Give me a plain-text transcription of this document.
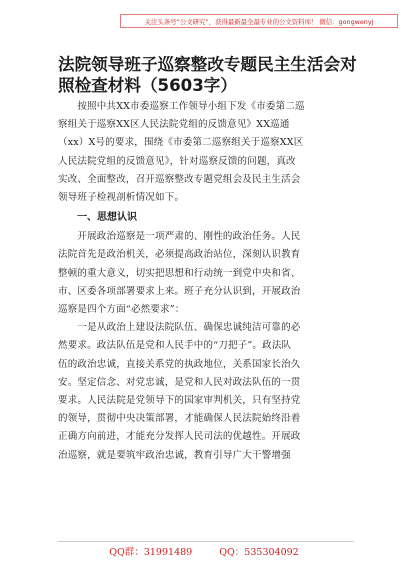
关注头条号“公文研究”，获得最新最全最专业的公文资料库！ 微信：gongwenyj
法院领导班子巡察整改专题民主生活会对
照检查材料（5603字）

　　按照中共XX市委巡察工作领导小组下发《市委第二巡
察组关于巡察XX区人民法院党组的反馈意见》XX巡通
（xx）X号的要求，围绕《市委第二巡察组关于巡察XX区
人民法院党组的反馈意见》，针对巡察反馈的问题，真改
实改、全面整改，召开巡察整改专题党组会及民主生活会
领导班子检视剖析情况如下。

一、思想认识

　　开展政治巡察是一项严肃的、刚性的政治任务。人民
法院首先是政治机关，必须提高政治站位，深刻认识教育
整顿的重大意义，切实把思想和行动统一到党中央和省、
市、区委各项部署要求上来。班子充分认识到，开展政治
巡察是四个方面“必然要求”：

　　一是从政治上建设法院队伍、确保忠诚纯洁可靠的必
然要求。政法队伍是党和人民手中的“刀把子”。政法队
伍的政治忠诚，直接关系党的执政地位，关系国家长治久
安。坚定信念、对党忠诚，是党和人民对政法队伍的一贯
要求。人民法院是党领导下的国家审判机关，只有坚持党
的领导，贯彻中央决策部署，才能确保人民法院始终沿着
正确方向前进，才能充分发挥人民司法的优越性。开展政
治巡察，就是要筑牢政治忠诚，教育引导广大干警增强

QQ群：31991489	QQ：535304092
